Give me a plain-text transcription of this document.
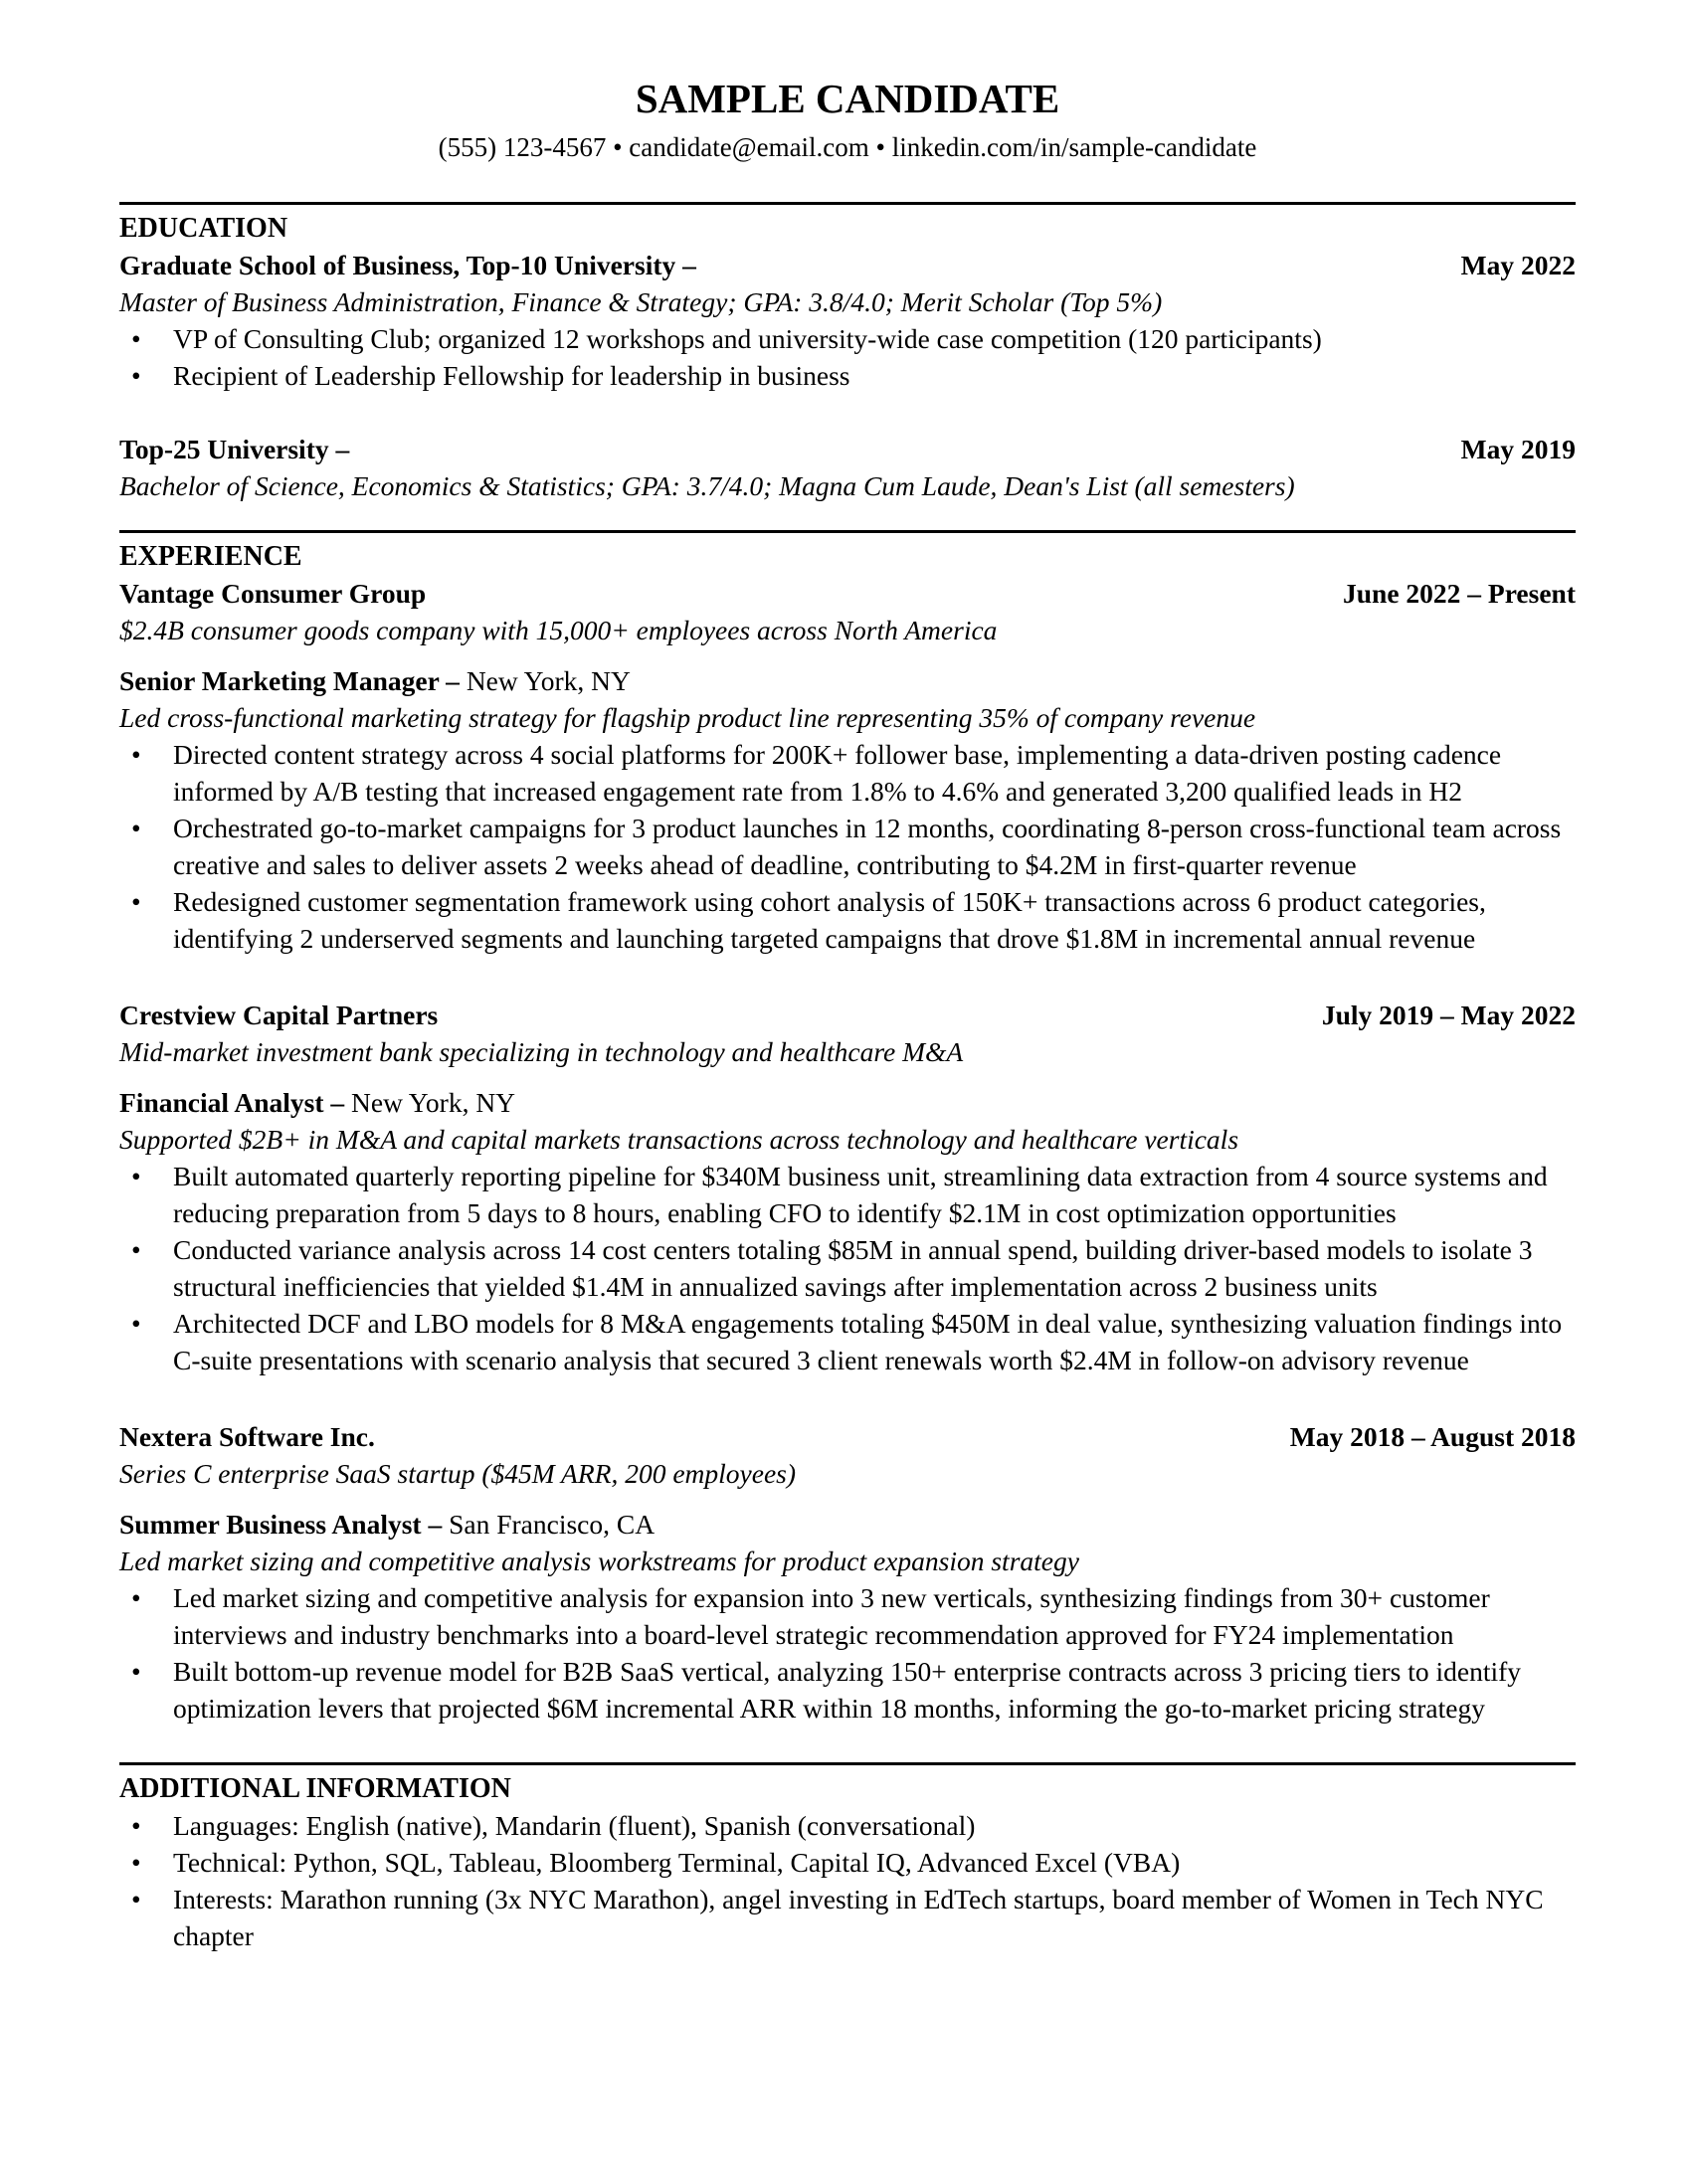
SAMPLE CANDIDATE
(555) 123-4567 • candidate@email.com • linkedin.com/in/sample-candidate
EDUCATION
Graduate School of Business, Top-10 University –	May 2022
Master of Business Administration, Finance & Strategy; GPA: 3.8/4.0; Merit Scholar (Top 5%)
• VP of Consulting Club; organized 12 workshops and university-wide case competition (120 participants)
• Recipient of Leadership Fellowship for leadership in business
Top-25 University –	May 2019
Bachelor of Science, Economics & Statistics; GPA: 3.7/4.0; Magna Cum Laude, Dean's List (all semesters)
EXPERIENCE
Vantage Consumer Group	June 2022 – Present
$2.4B consumer goods company with 15,000+ employees across North America
Senior Marketing Manager – New York, NY
Led cross-functional marketing strategy for flagship product line representing 35% of company revenue
• Directed content strategy across 4 social platforms for 200K+ follower base, implementing a data-driven posting cadence informed by A/B testing that increased engagement rate from 1.8% to 4.6% and generated 3,200 qualified leads in H2
• Orchestrated go-to-market campaigns for 3 product launches in 12 months, coordinating 8-person cross-functional team across creative and sales to deliver assets 2 weeks ahead of deadline, contributing to $4.2M in first-quarter revenue
• Redesigned customer segmentation framework using cohort analysis of 150K+ transactions across 6 product categories, identifying 2 underserved segments and launching targeted campaigns that drove $1.8M in incremental annual revenue
Crestview Capital Partners	July 2019 – May 2022
Mid-market investment bank specializing in technology and healthcare M&A
Financial Analyst – New York, NY
Supported $2B+ in M&A and capital markets transactions across technology and healthcare verticals
• Built automated quarterly reporting pipeline for $340M business unit, streamlining data extraction from 4 source systems and reducing preparation from 5 days to 8 hours, enabling CFO to identify $2.1M in cost optimization opportunities
• Conducted variance analysis across 14 cost centers totaling $85M in annual spend, building driver-based models to isolate 3 structural inefficiencies that yielded $1.4M in annualized savings after implementation across 2 business units
• Architected DCF and LBO models for 8 M&A engagements totaling $450M in deal value, synthesizing valuation findings into C-suite presentations with scenario analysis that secured 3 client renewals worth $2.4M in follow-on advisory revenue
Nextera Software Inc.	May 2018 – August 2018
Series C enterprise SaaS startup ($45M ARR, 200 employees)
Summer Business Analyst – San Francisco, CA
Led market sizing and competitive analysis workstreams for product expansion strategy
• Led market sizing and competitive analysis for expansion into 3 new verticals, synthesizing findings from 30+ customer interviews and industry benchmarks into a board-level strategic recommendation approved for FY24 implementation
• Built bottom-up revenue model for B2B SaaS vertical, analyzing 150+ enterprise contracts across 3 pricing tiers to identify optimization levers that projected $6M incremental ARR within 18 months, informing the go-to-market pricing strategy
ADDITIONAL INFORMATION
• Languages: English (native), Mandarin (fluent), Spanish (conversational)
• Technical: Python, SQL, Tableau, Bloomberg Terminal, Capital IQ, Advanced Excel (VBA)
• Interests: Marathon running (3x NYC Marathon), angel investing in EdTech startups, board member of Women in Tech NYC chapter
